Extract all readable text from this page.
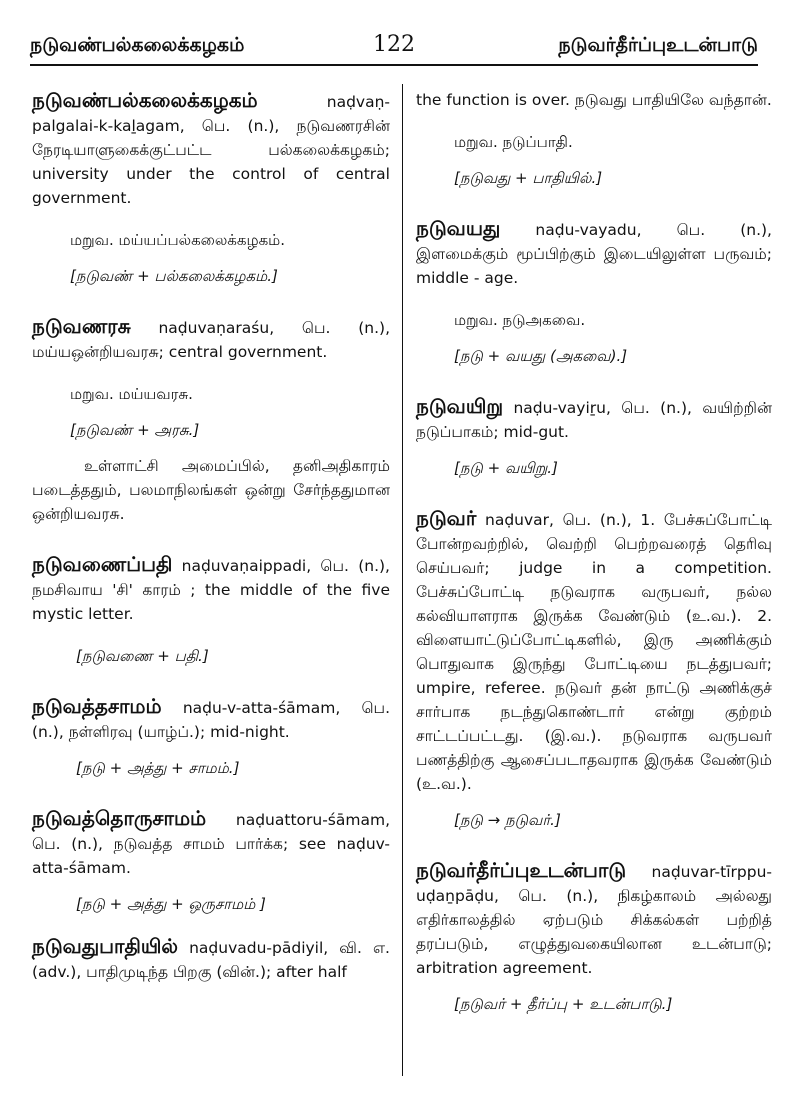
நடுவண்பல்கலைக்கழகம்	122	நடுவர்தீர்ப்புஉடன்பாடு

நடுவண்பல்கலைக்கழகம்	naḍvaṇ-palgalai-k-kaḻagam, பெ. (n.), நடுவணரசின் நேரடியாளுகைக்குட்பட்ட பல்கலைக்கழகம்; university under the control of central government.

மறுவ. மய்யப்பல்கலைக்கழகம்.

[நடுவண் + பல்கலைக்கழகம்.]

நடுவணரசு naḍuvaṇaraśu, பெ. (n.), மய்யஒன்றியவரசு; central government.

மறுவ. மய்யவரசு.

[நடுவண் + அரசு.]

உள்ளாட்சி அமைப்பில், தனிஅதிகாரம் படைத்ததும், பலமாநிலங்கள் ஒன்று சேர்ந்ததுமான ஒன்றியவரசு.

நடுவணைப்பதி naḍuvaṇaippadi, பெ. (n.), நமசிவாய 'சி' காரம் ; the middle of the five mystic letter.

[நடுவணை + பதி.]

நடுவத்தசாமம் naḍu-v-atta-śāmam, பெ. (n.), நள்ளிரவு (யாழ்ப்.); mid-night.

[நடு + அத்து + சாமம்.]

நடுவத்தொருசாமம் naḍuattoru-śāmam, பெ. (n.), நடுவத்த சாமம் பார்க்க; see naḍuv-atta-śāmam.

[நடு + அத்து + ஒருசாமம் ]

நடுவதுபாதியில் naḍuvadu-pādiyil, வி. எ. (adv.), பாதிமுடிந்த பிறகு (வின்.); after half

the function is over. நடுவது பாதியிலே வந்தான்.

மறுவ. நடுப்பாதி.

[நடுவது + பாதியில்.]

நடுவயது naḍu-vayadu, பெ. (n.), இளமைக்கும் மூப்பிற்கும் இடையிலுள்ள பருவம்; middle - age.

மறுவ. நடுஅகவை.

[நடு + வயது (அகவை).]

நடுவயிறு naḍu-vayiṟu, பெ. (n.), வயிற்றின் நடுப்பாகம்; mid-gut.

[நடு + வயிறு.]

நடுவர் naḍuvar, பெ. (n.), 1. பேச்சுப்போட்டி போன்றவற்றில், வெற்றி பெற்றவரைத் தெரிவு செய்பவர்; judge in a competition. பேச்சுப்போட்டி நடுவராக வருபவர், நல்ல கல்வியாளராக இருக்க வேண்டும் (உ.வ.). 2. விளையாட்டுப்போட்டிகளில், இரு அணிக்கும் பொதுவாக இருந்து போட்டியை நடத்துபவர்; umpire, referee. நடுவர் தன் நாட்டு அணிக்குச் சார்பாக நடந்துகொண்டார் என்று குற்றம் சாட்டப்பட்டது. (இ.வ.). நடுவராக வருபவர் பணத்திற்கு ஆசைப்படாதவராக இருக்க வேண்டும் (உ.வ.).

[நடு → நடுவர்.]

நடுவர்தீர்ப்புஉடன்பாடு naḍuvar-tīrppu-uḍaṉpāḍu, பெ. (n.), நிகழ்காலம் அல்லது எதிர்காலத்தில் ஏற்படும் சிக்கல்கள் பற்றித் தரப்படும், எழுத்துவகையிலான உடன்பாடு; arbitration agreement.

[நடுவர் + தீர்ப்பு + உடன்பாடு.]
